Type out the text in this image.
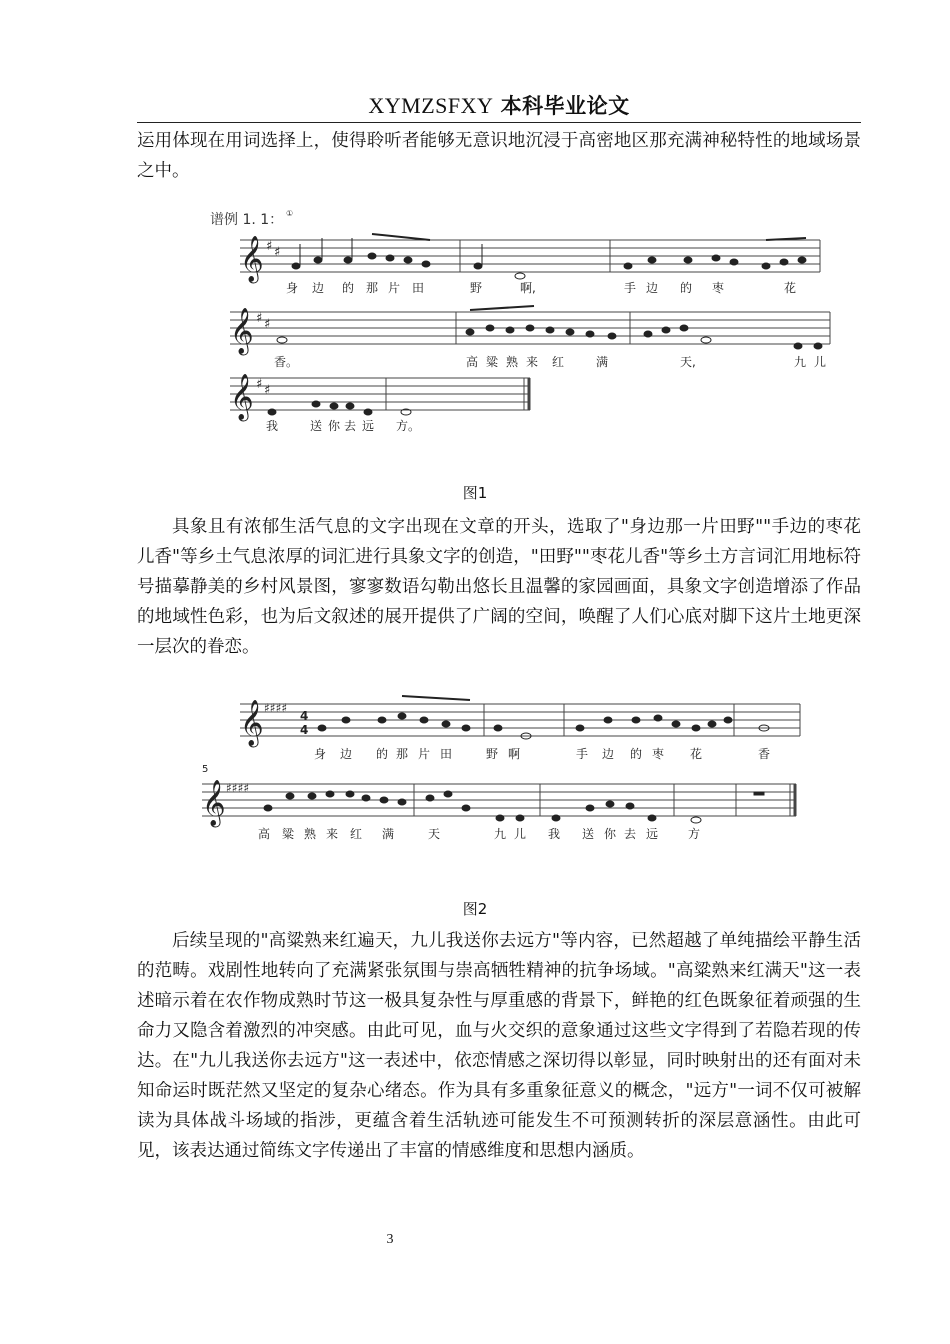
XYMZSFXY 本科毕业论文

运用体现在用词选择上，使得聆听者能够无意识地沉浸于高密地区那充满神秘特性的地域场景之中。

谱例 1. 1： ①
𝄞 ♯ ♯
身 边 的 那 片 田	野	啊,	手 边 的 枣	花
𝄞 ♯ ♯
香。	高 粱 熟 来 红	满	天,	九 儿
𝄞 ♯ ♯
我	送 你 去 远 方。
图1

具象且有浓郁生活气息的文字出现在文章的开头，选取了"身边那一片田野""手边的枣花儿香"等乡土气息浓厚的词汇进行具象文字的创造，"田野""枣花儿香"等乡土方言词汇用地标符号描摹静美的乡村风景图，寥寥数语勾勒出悠长且温馨的家园画面，具象文字创造增添了作品的地域性色彩，也为后文叙述的展开提供了广阔的空间，唤醒了人们心底对脚下这片土地更深一层次的眷恋。

𝄞 ♯♯♯♯
4
4
身 边 的 那 片 田	野 啊	手 边 的 枣 花	香
5
𝄞 ♯♯♯♯
高 粱 熟 来 红 满	天	九 儿 我 送 你 去 远 方
图2

后续呈现的"高粱熟来红遍天，九儿我送你去远方"等内容，已然超越了单纯描绘平静生活的范畴。戏剧性地转向了充满紧张氛围与崇高牺牲精神的抗争场域。"高粱熟来红满天"这一表述暗示着在农作物成熟时节这一极具复杂性与厚重感的背景下，鲜艳的红色既象征着顽强的生命力又隐含着激烈的冲突感。由此可见，血与火交织的意象通过这些文字得到了若隐若现的传达。在"九儿我送你去远方"这一表述中，依恋情感之深切得以彰显，同时映射出的还有面对未知命运时既茫然又坚定的复杂心绪态。作为具有多重象征意义的概念，"远方"一词不仅可被解读为具体战斗场域的指涉，更蕴含着生活轨迹可能发生不可预测转折的深层意涵性。由此可见，该表达通过简练文字传递出了丰富的情感维度和思想内涵质。

3
